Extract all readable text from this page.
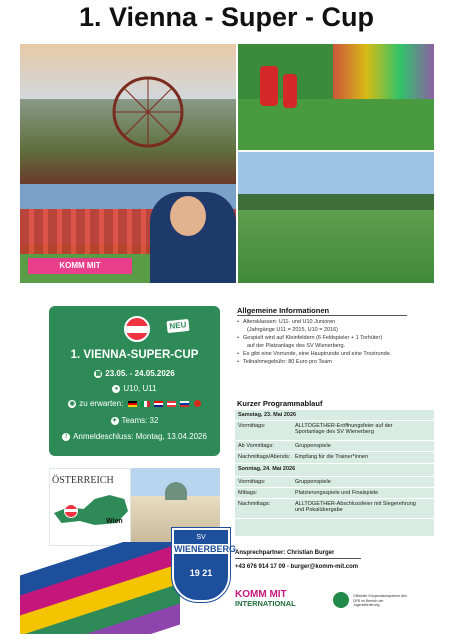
1. Vienna - Super - Cup
KOMM MIT
NEU
1. VIENNA-SUPER-CUP
▦ 23.05. - 24.05.2026
● U10, U11
◉ zu erwarten:
✦ Teams: 32
! Anmeldeschluss: Montag, 13.04.2026
ÖSTERREICH
Wien
SV
WIENERBERG
19 21
Allgemeine Informationen
• Altersklassen: U11- und U10 Junioren
(Jahrgänge U11 = 2015, U10 = 2016)
• Gespielt wird auf Kleinfeldern (6 Feldspieler + 1 Torhüter)
auf der Platzanlage des SV Wienerberg.
• Es gibt eine Vorrunde, eine Hauptrunde und eine Trostrunde.
• Teilnahmegebühr: 80 Euro pro Team
Kurzer Programmablauf
Samstag, 23. Mai 2026
Vormittags:	ALLTOGETHER-Eröffnungsfeier auf der Sportanlage des SV Wienerberg
Ab Vormittags:	Gruppenspiele
Nachmittags/Abends: Empfang für die Trainer*innen
Sonntag, 24. Mai 2026
Vormittags:	Gruppenspiele
Mittags:	Platzierungsspiele und Finalspiele
Nachmittags:	ALLTOGETHER-Abschlussfeier mit Siegerehrung und Pokalübergabe
Ansprechpartner: Christian Burger
+43 676 914 17 09 - burger@komm-mit.com
KOMM MIT
INTERNATIONAL
Offizieller Kooperationspartner des DFB im Bereich der Jugendförderung
